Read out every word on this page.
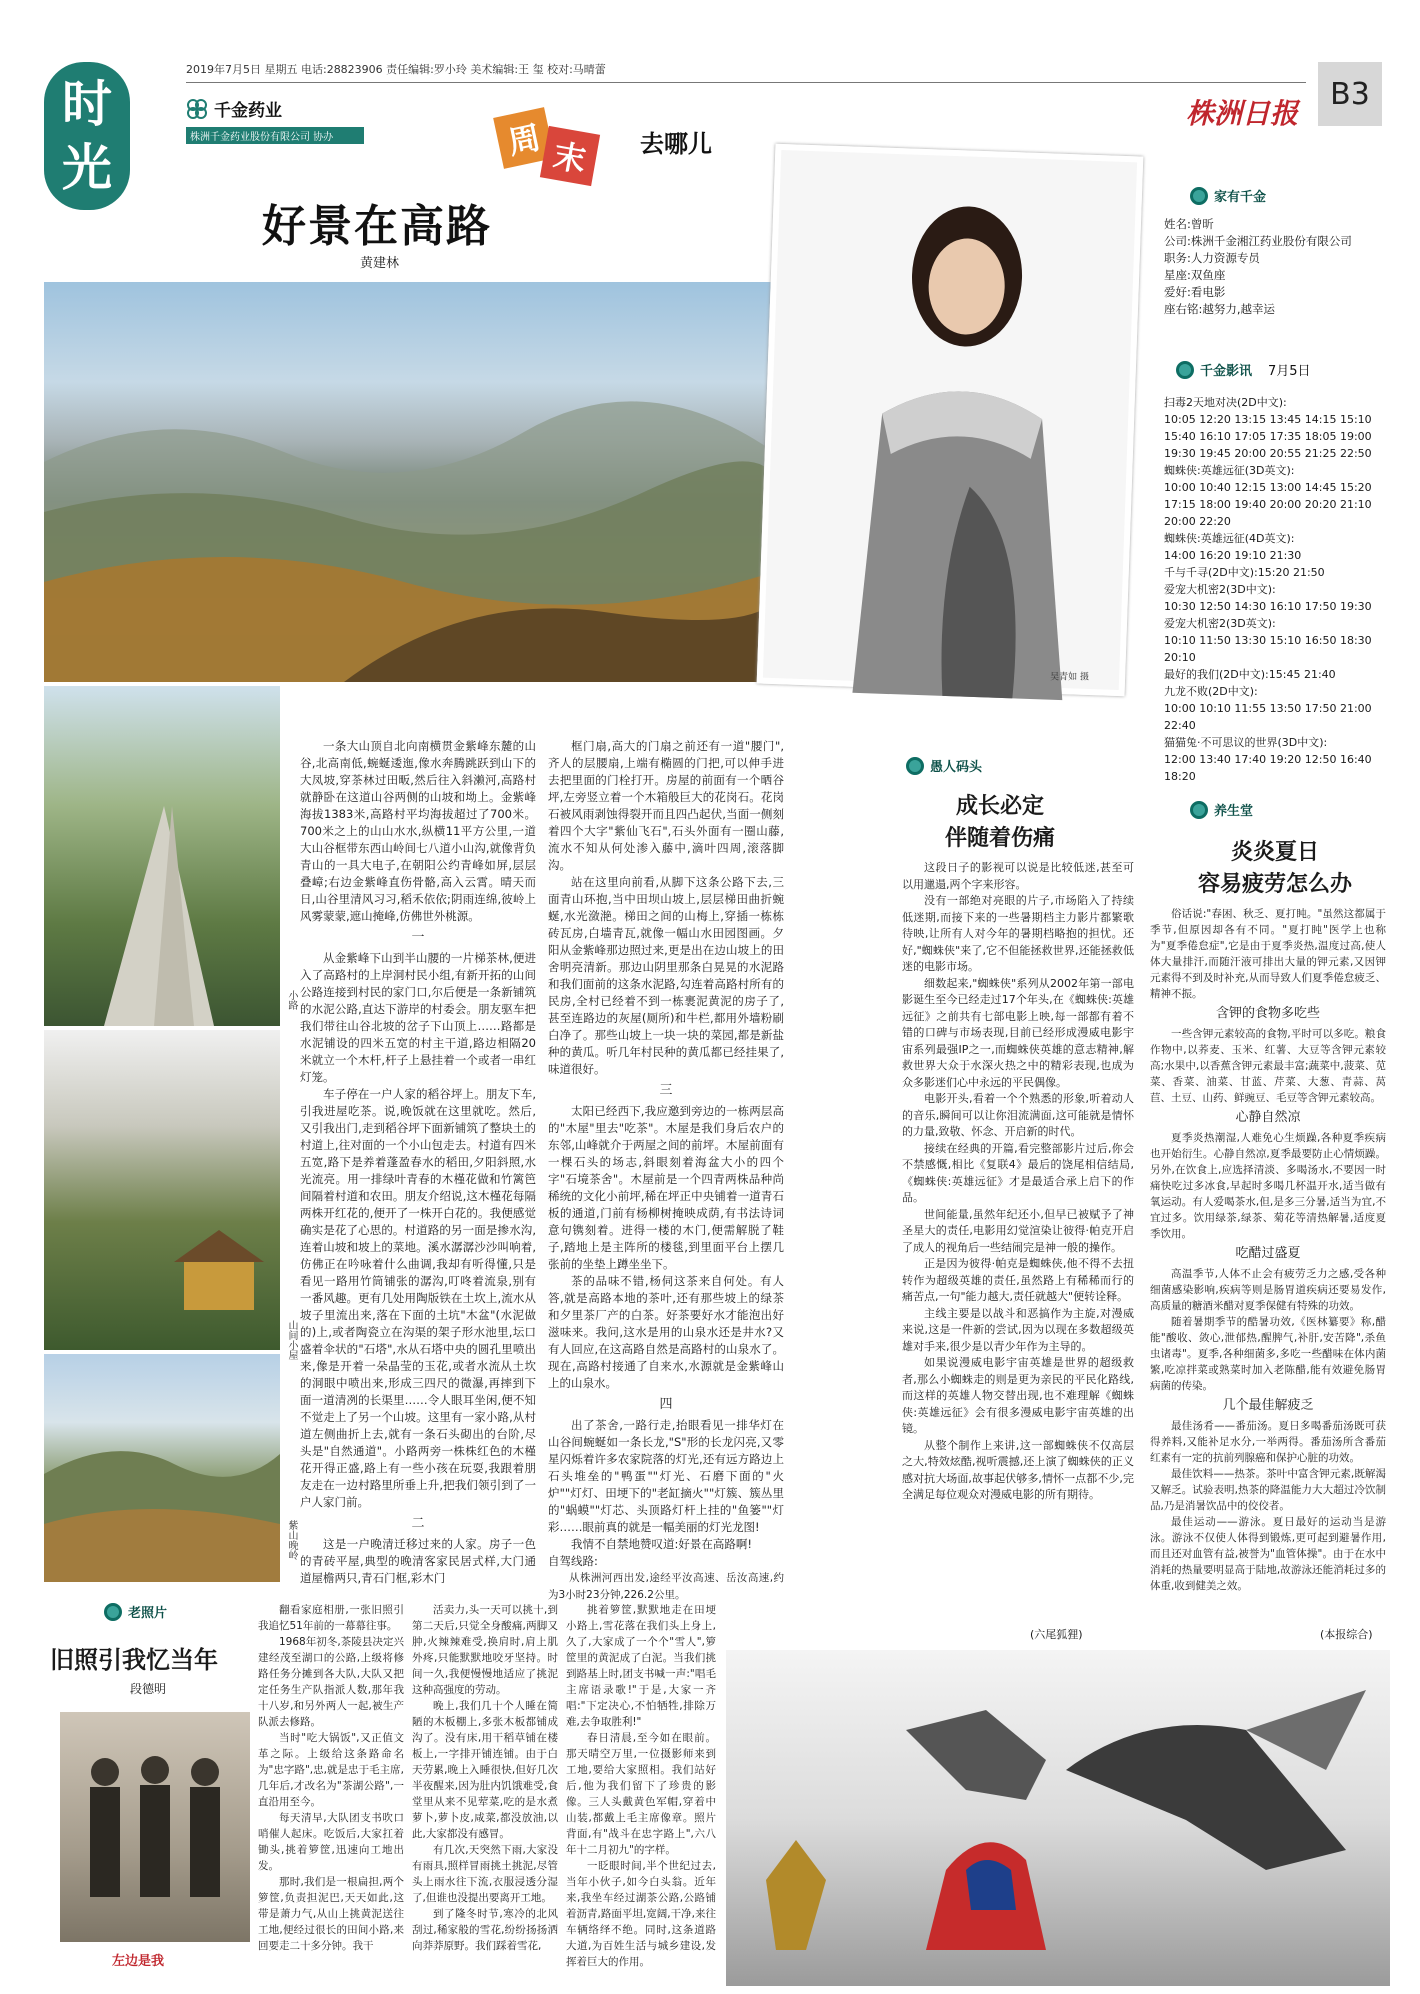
时
光
2019年7月5日 星期五 电话:28823906 责任编辑:罗小玲 美术编辑:王 玺 校对:马晴蕾
千金药业
株洲千金药业股份有限公司 协办	周 末 去哪儿
株洲日报
B3
好景在高路
黄建林
吴青如 摄
小路
山间小屋
紫山晚岭

一条大山顶自北向南横贯金紫峰东麓的山谷,北高南低,蜿蜒逶迤,像水奔腾跳跃到山下的大凤坡,穿茶林过田畈,然后往入斜濑河,高路村就静卧在这道山谷两侧的山坡和坳上。金紫峰海拔1383米,高路村平均海拔超过了700米。700米之上的山山水水,纵横11平方公里,一道大山谷框带东西山岭间七八道小山沟,就像背负青山的一具大电子,在朝阳公约青峰如屏,层层叠嶂;右边金紫峰直伤骨骼,高入云霄。晴天而日,山谷里清风习习,稻禾依依;阴雨连绵,彼岭上风雾蒙蒙,遮山掩峰,仿佛世外桃源。

一

从金紫峰下山到半山腰的一片梯茶林,便进入了高路村的上岸洞村民小组,有新开拓的山间公路连接到村民的家门口,尔后便是一条新铺筑的水泥公路,直达下游岸的村委会。朋友驱车把我们带往山谷北坡的岔子下山顶上……路都是水泥铺设的四米五宽的村主干道,路边相隔20米就立一个木杆,杆子上悬挂着一个或者一串红灯笼。

车子停在一户人家的稻谷坪上。朋友下车,引我进屋吃茶。说,晚饭就在这里就吃。然后,又引我出门,走到稻谷坪下面新铺筑了整块土的村道上,往对面的一个小山包走去。村道有四米五宽,路下是养着蓬盈春水的稻田,夕阳斜照,水光流亮。用一排绿叶青春的木槿花做和竹篱笆间隔着村道和农田。朋友介绍说,这木槿花每隔两株开红花的,便开了一株开白花的。我便感觉确实是花了心思的。村道路的另一面是掺水沟,连着山坡和坡上的菜地。溪水潺潺沙沙叫响着,仿佛正在吟咏着什么曲调,我却有听得懂,只是看见一路用竹筒铺张的潺沟,叮咚着流泉,别有一番风趣。更有几处用陶版铁在土坎上,流水从坡子里流出来,落在下面的土坑"木盆"(水泥做的)上,或者陶瓷立在沟渠的架子形水池里,坛口盛着伞状的"石塔",水从石塔中央的圆孔里喷出来,像是开着一朵晶莹的玉花,或者水流从土坎的洞眼中喷出来,形成三四尺的微瀑,再摔到下面一道清冽的长渠里……令人眼耳坐闲,便不知不觉走上了另一个山坡。这里有一家小路,从村道左侧曲折上去,就有一条石头砌出的台阶,尽头是"自然通道"。小路两旁一株株红色的木槿花开得正盛,路上有一些小孩在玩耍,我跟着朋友走在一边村路里所垂上升,把我们领引到了一户人家门前。

二

这是一户晚清迁移过来的人家。房子一色的青砖平屋,典型的晚清客家民居式样,大门通道屋檐两只,青石门框,彩木门

框门扇,高大的门扇之前还有一道"腰门",齐人的层腰扇,上端有椭圆的门把,可以伸手进去把里面的门栓打开。房屋的前面有一个晒谷坪,左旁竖立着一个木箱般巨大的花岗石。花岗石被风雨剥蚀得裂开而且四凸起伏,当面一侧刻着四个大字"紫仙飞石",石头外面有一圈山藤,流水不知从何处渗入藤中,滴叶四周,滚落脚沟。

站在这里向前看,从脚下这条公路下去,三面青山环抱,当中田坝山坡上,层层梯田曲折蜿蜒,水光潋滟。梯田之间的山梅上,穿插一栋栋砖瓦房,白墙青瓦,就像一幅山水田园图画。夕阳从金紫峰那边照过来,更是出在边山坡上的田舍明亮清新。那边山阴里那条白晃晃的水泥路和我们面前的这条水泥路,勾连着高路村所有的民房,全村已经着不到一栋裹泥黄泥的房子了,甚至连路边的灰屋(厕所)和牛栏,都用外墙粉刷白净了。那些山坡上一块一块的菜园,都是新盐种的黄瓜。听几年村民种的黄瓜都已经挂果了,味道很好。

三

太阳已经西下,我应邀到旁边的一栋两层高的"木屋"里去"吃茶"。木屋是我们身后农户的东邻,山峰就介于两屋之间的前坪。木屋前面有一棵石头的场志,斜眼刻着海盆大小的四个字"石境茶舍"。木屋前是一个四青两株品种尚稀统的文化小前坪,稀在坪正中央铺着一道青石板的通道,门前有杨柳树掩映成荫,有书法诗词意句镌刻着。进得一楼的木门,便需解脱了鞋子,踏地上是主阵所的楼毯,到里面平台上摆几张前的坐垫上蹲坐坐下。

茶的品味不错,杨伺这茶来自何处。有人答,就是高路本地的茶叶,还有那些坡上的绿茶和夕里茶厂产的白茶。好茶要好水才能泡出好滋味来。我问,这水是用的山泉水还是井水?又有人回应,在这高路自然是高路村的山泉水了。现在,高路村接通了自来水,水源就是金紫峰山上的山泉水。

四

出了茶舍,一路行走,抬眼看见一排华灯在山谷间蜿蜒如一条长龙,"S"形的长龙闪亮,又零星闪烁着许多农家院落的灯光,还有远方路边上石头堆垒的"鸭蛋""灯光、石磨下面的"火炉""灯灯、田埂下的"老缸摘火""灯簇、簇丛里的"蜗蟆""灯芯、头顶路灯杆上挂的"鱼篓""灯彩……眼前真的就是一幅美丽的灯光龙图!

我情不自禁地赞叹道:好景在高路啊!

自驾线路:

从株洲河西出发,途经平汝高速、岳汝高速,约为3小时23分钟,226.2公里。

家有千金
姓名:曾昕
公司:株洲千金湘江药业股份有限公司
职务:人力资源专员
星座:双鱼座
爱好:看电影
座右铭:越努力,越幸运
千金影讯 7月5日
扫毒2天地对决(2D中文):
10:05 12:20 13:15 13:45 14:15 15:10
15:40 16:10 17:05 17:35 18:05 19:00
19:30 19:45 20:00 20:55 21:25 22:50
蜘蛛侠:英雄远征(3D英文):
10:00 10:40 12:15 13:00 14:45 15:20
17:15 18:00 19:40 20:00 20:20 21:10
20:00 22:20
蜘蛛侠:英雄远征(4D英文):
14:00 16:20 19:10 21:30
千与千寻(2D中文):15:20 21:50
爱宠大机密2(3D中文):
10:30 12:50 14:30 16:10 17:50 19:30
爱宠大机密2(3D英文):
10:10 11:50 13:30 15:10 16:50 18:30
20:10
最好的我们(2D中文):15:45 21:40
九龙不败(2D中文):
10:00 10:10 11:55 13:50 17:50 21:00
22:40
猫猫兔·不可思议的世界(3D中文):
12:00 13:40 17:40 19:20 12:50 16:40
18:20
愚人码头
成长必定
伴随着伤痛

这段日子的影视可以说是比较低迷,甚至可以用邋遢,两个字来形容。

没有一部绝对亮眼的片子,市场陷入了持续低迷期,而接下来的一些暑期档主力影片都繁歌待映,让所有人对今年的暑期档略抱的担忧。还好,"蜘蛛侠"来了,它不但能拯救世界,还能拯救低迷的电影市场。

细数起来,"蜘蛛侠"系列从2002年第一部电影诞生至今已经走过17个年头,在《蜘蛛侠:英雄远征》之前共有七部电影上映,每一部都有着不错的口碑与市场表现,目前已经形成漫威电影宇宙系列最强IP之一,而蜘蛛侠英雄的意志精神,解救世界大众于水深火热之中的精彩表现,也成为众多影迷们心中永远的平民偶像。

电影开头,看着一个个熟悉的形象,听着动人的音乐,瞬间可以让你泪流满面,这可能就是情怀的力量,致敬、怀念、开启新的时代。

接续在经典的开篇,看完整部影片过后,你会不禁感慨,相比《复联4》最后的饶尾相信结局,《蜘蛛侠:英雄远征》才是最适合承上启下的作品。

世间能量,虽然年纪还小,但早已被赋予了神圣星大的责任,电影用幻觉渲染让彼得·帕克开启了成人的视角后一些结闹完是神一般的操作。

正是因为彼得·帕克是蜘蛛侠,他不得不去扭转作为超级英雄的责任,虽然路上有稀稀而行的痛苦点,一句"能力越大,责任就越大"便转诠释。

主线主要是以战斗和恶搞作为主旋,对漫威来说,这是一件新的尝试,因为以现在多数超级英雄对手来,很少是以青少年作为主导的。

如果说漫威电影宇宙英雄是世界的超级救者,那么小蜘蛛走的则是更为亲民的平民化路线,而这样的英雄人物交替出现,也不难理解《蜘蛛侠:英雄远征》会有很多漫威电影宇宙英雄的出镜。

从整个制作上来讲,这一部蜘蛛侠不仅高层之大,特效炫酷,视听震撼,还上演了蜘蛛侠的正义感对抗大场面,故事起伏够多,情怀一点都不少,完全满足每位观众对漫威电影的所有期待。

(六尾狐狸)
养生堂
炎炎夏日
容易疲劳怎么办

俗话说:"春困、秋乏、夏打盹。"虽然这都属于季节,但原因却各有不同。"夏打盹"医学上也称为"夏季倦怠症",它是由于夏季炎热,温度过高,使人体大量排汗,而随汗液可排出大量的钾元素,又因钾元素得不到及时补充,从而导致人们夏季倦怠疲乏、精神不振。

含钾的食物多吃些

一些含钾元素较高的食物,平时可以多吃。粮食作物中,以荞麦、玉米、红薯、大豆等含钾元素较高;水果中,以香蕉含钾元素最丰富;蔬菜中,菠菜、苋菜、香菜、油菜、甘蓝、芹菜、大葱、青蒜、莴苣、土豆、山药、鲜豌豆、毛豆等含钾元素较高。

心静自然凉

夏季炎热潮湿,人难免心生烦躁,各种夏季疾病也开始衍生。心静自然凉,夏季最要防止心情烦躁。另外,在饮食上,应选择清淡、多喝汤水,不要因一时痛快吃过多冰食,早起时多喝几杯温开水,适当做有氧运动。有人爱喝茶水,但,是多三分暑,适当为宜,不宜过多。饮用绿茶,绿茶、菊花等清热解暑,适度夏季饮用。

吃醋过盛夏

高温季节,人体不止会有疲劳乏力之感,受各种细菌感染影响,疾病等则是肠胃道疾病还要易发作,高质量的糖酒米醋对夏季保健有特殊的功效。

随着暑期季节的酷暑功效,《医林纂要》称,醋能"酸收、敛心,泄郁热,醒脾气,补肝,安苦降",杀鱼虫诸毒"。夏季,各种细菌多,多吃一些醋味在体内菌繁,吃凉拌菜或熟菜时加入老陈醋,能有效避免肠胃病菌的传染。

几个最佳解疲乏

最佳汤肴——番茄汤。夏日多喝番茄汤既可获得养料,又能补足水分,一举两得。番茄汤所含番茄红素有一定的抗前列腺癌和保护心脏的功效。

最佳饮料——热茶。茶叶中富含钾元素,既解渴又解乏。试验表明,热茶的降温能力大大超过冷饮制品,乃是消暑饮品中的佼佼者。

最佳运动——游泳。夏日最好的运动当是游泳。游泳不仅使人体得到锻炼,更可起到避暑作用,而且还对血管有益,被誉为"血管体操"。由于在水中消耗的热量要明显高于陆地,故游泳还能消耗过多的体重,收到健美之效。

(本报综合)
老照片
旧照引我忆当年
段德明
左边是我

翻看家庭相册,一张旧照引我追忆51年前的一幕幕往事。

1968年初冬,茶陵县决定兴建经茂至湖口的公路,上级将修路任务分摊到各大队,大队又把定任务生产队指派人数,那年我十八岁,和另外两人一起,被生产队派去修路。

当时"吃大锅饭",又正值文革之际。上级给这条路命名为"忠字路",忠,就是忠于毛主席,几年后,才改名为"茶湖公路",一直沿用至今。

每天清早,大队团支书吹口哨催人起床。吃饭后,大家扛着锄头,挑着箩筐,迅速向工地出发。

那时,我们是一根扁担,两个箩筐,负责担泥巴,天天如此,这带是萧力气,从山上挑黄泥送往工地,便经过很长的田间小路,来回要走二十多分钟。我干

活卖力,头一天可以挑十,到第二天后,只觉全身酸痛,两脚又肿,火辣辣难受,换肩时,肩上肌外疼,只能默默地咬牙坚持。时间一久,我便慢慢地适应了挑泥这种高强度的劳动。

晚上,我们几十个人睡在简陋的木板棚上,多张木板都铺成沟了。没有床,用干稻草铺在楼板上,一字排开铺连铺。由于白天劳累,晚上入睡很快,但好几次半夜醒来,因为肚内饥饿难受,食堂里从来不见荤菜,吃的是水煮萝卜,萝卜皮,咸菜,都没放油,以此,大家都没有感冒。

有几次,天突然下雨,大家没有雨具,照样冒雨挑土挑泥,尽管头上雨水往下流,衣服浸透分湿了,但谁也没提出要离开工地。

到了隆冬时节,寒冷的北风刮过,稀家般的雪花,纷纷扬扬洒向莽莽原野。我们踩着雪花,

挑着箩筐,默默地走在田埂小路上,雪花落在我们头上身上,久了,大家成了一个个"雪人",箩筐里的黄泥成了白泥。当我们挑到路基上时,团支书喊一声:"唱毛主席语录歌!"于是,大家一齐唱:"下定决心,不怕牺牲,排除万难,去争取胜利!"

春日清晨,至今如在眼前。那天晴空万里,一位摄影师来到工地,要给大家照相。我们站好后,他为我们留下了珍贵的影像。三人头戴黄色军帽,穿着中山装,都戴上毛主席像章。照片背面,有"战斗在忠字路上",六八年十二月初九"的字样。

一眨眼时间,半个世纪过去,当年小伙子,如今白头翁。近年来,我坐车经过湖茶公路,公路铺着沥青,路面平坦,宽阔,干净,来往车辆络绎不绝。同时,这条道路大道,为百姓生活与城乡建设,发挥着巨大的作用。
